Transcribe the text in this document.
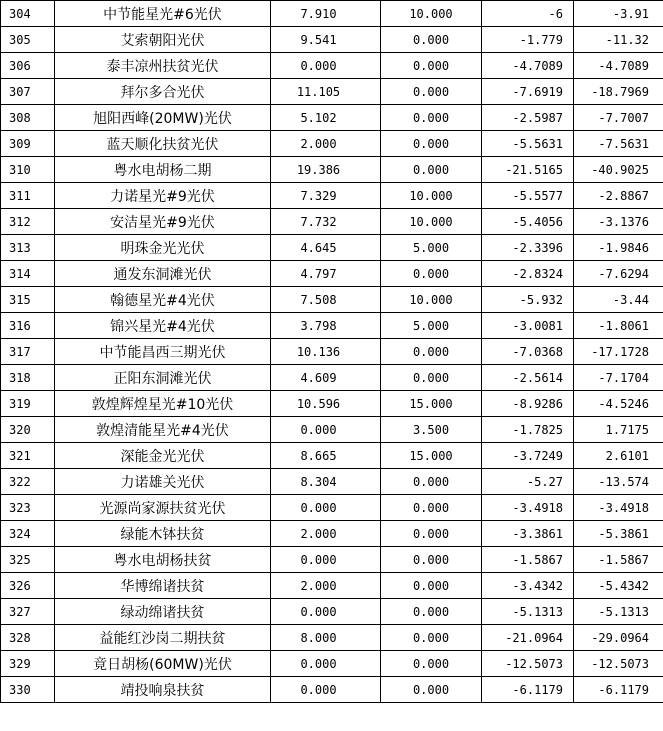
304	中节能星光#6光伏	7.910	10.000	-6	-3.91
305	艾索朝阳光伏	9.541	0.000	-1.779	-11.32
306	泰丰凉州扶贫光伏	0.000	0.000	-4.7089	-4.7089
307	拜尔多合光伏	11.105	0.000	-7.6919	-18.7969
308	旭阳西峰(20MW)光伏	5.102	0.000	-2.5987	-7.7007
309	蓝天顺化扶贫光伏	2.000	0.000	-5.5631	-7.5631
310	粤水电胡杨二期	19.386	0.000	-21.5165	-40.9025
311	力诺星光#9光伏	7.329	10.000	-5.5577	-2.8867
312	安洁星光#9光伏	7.732	10.000	-5.4056	-3.1376
313	明珠金光光伏	4.645	5.000	-2.3396	-1.9846
314	通发东洞滩光伏	4.797	0.000	-2.8324	-7.6294
315	翰德星光#4光伏	7.508	10.000	-5.932	-3.44
316	锦兴星光#4光伏	3.798	5.000	-3.0081	-1.8061
317	中节能昌西三期光伏	10.136	0.000	-7.0368	-17.1728
318	正阳东洞滩光伏	4.609	0.000	-2.5614	-7.1704
319	敦煌辉煌星光#10光伏	10.596	15.000	-8.9286	-4.5246
320	敦煌清能星光#4光伏	0.000	3.500	-1.7825	1.7175
321	深能金光光伏	8.665	15.000	-3.7249	2.6101
322	力诺雄关光伏	8.304	0.000	-5.27	-13.574
323	光源尚家源扶贫光伏	0.000	0.000	-3.4918	-3.4918
324	绿能木钵扶贫	2.000	0.000	-3.3861	-5.3861
325	粤水电胡杨扶贫	0.000	0.000	-1.5867	-1.5867
326	华博绵诸扶贫	2.000	0.000	-3.4342	-5.4342
327	绿动绵诸扶贫	0.000	0.000	-5.1313	-5.1313
328	益能红沙岗二期扶贫	8.000	0.000	-21.0964	-29.0964
329	竟日胡杨(60MW)光伏	0.000	0.000	-12.5073	-12.5073
330	靖投响泉扶贫	0.000	0.000	-6.1179	-6.1179
